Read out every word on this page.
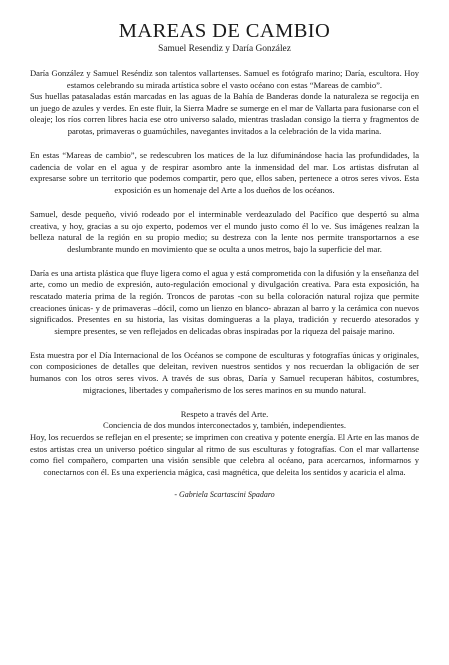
MAREAS DE CAMBIO
Samuel Resendiz y Daría González

Daría González y Samuel Reséndiz son talentos vallartenses. Samuel es fotógrafo marino; Daría, escultora. Hoy estamos celebrando su mirada artística sobre el vasto océano con estas “Mareas de cambio”.
Sus huellas patasaladas están marcadas en las aguas de la Bahía de Banderas donde la naturaleza se regocija en un juego de azules y verdes. En este fluir, la Sierra Madre se sumerge en el mar de Vallarta para fusionarse con el oleaje; los ríos corren libres hacia ese otro universo salado, mientras trasladan consigo la tierra y fragmentos de parotas, primaveras o guamúchiles, navegantes invitados a la celebración de la vida marina.

En estas “Mareas de cambio”, se redescubren los matices de la luz difuminándose hacia las profundidades, la cadencia de volar en el agua y de respirar asombro ante la inmensidad del mar. Los artistas disfrutan al expresarse sobre un territorio que podemos compartir, pero que, ellos saben, pertenece a otros seres vivos. Esta exposición es un homenaje del Arte a los dueños de los océanos.

Samuel, desde pequeño, vivió rodeado por el interminable verdeazulado del Pacífico que despertó su alma creativa, y hoy, gracias a su ojo experto, podemos ver el mundo justo como él lo ve. Sus imágenes realzan la belleza natural de la región en su propio medio; su destreza con la lente nos permite transportarnos a ese deslumbrante mundo en movimiento que se oculta a unos metros, bajo la superficie del mar.

Daría es una artista plástica que fluye ligera como el agua y está comprometida con la difusión y la enseñanza del arte, como un medio de expresión, auto-regulación emocional y divulgación creativa. Para esta exposición, ha rescatado materia prima de la región. Troncos de parotas -con su bella coloración natural rojiza que permite creaciones únicas- y de primaveras –dócil, como un lienzo en blanco- abrazan al barro y la cerámica con nuevos significados. Presentes en su historia, las visitas domingueras a la playa, tradición y recuerdo atesorados y siempre presentes, se ven reflejados en delicadas obras inspiradas por la riqueza del paisaje marino.

Esta muestra por el Día Internacional de los Océanos se compone de esculturas y fotografías únicas y originales, con composiciones de detalles que deleitan, reviven nuestros sentidos y nos recuerdan la obligación de ser humanos con los otros seres vivos. A través de sus obras, Daría y Samuel recuperan hábitos, costumbres, migraciones, libertades y compañerismo de los seres marinos en su mundo natural.

Respeto a través del Arte.
Conciencia de dos mundos interconectados y, también, independientes.

Hoy, los recuerdos se reflejan en el presente; se imprimen con creativa y potente energía. El Arte en las manos de estos artistas crea un universo poético singular al ritmo de sus esculturas y fotografías. Con el mar vallartense como fiel compañero, comparten una visión sensible que celebra al océano, para acercarnos, informarnos y conectarnos con él. Es una experiencia mágica, casi magnética, que deleita los sentidos y acaricia el alma.

- Gabriela Scartascini Spadaro
